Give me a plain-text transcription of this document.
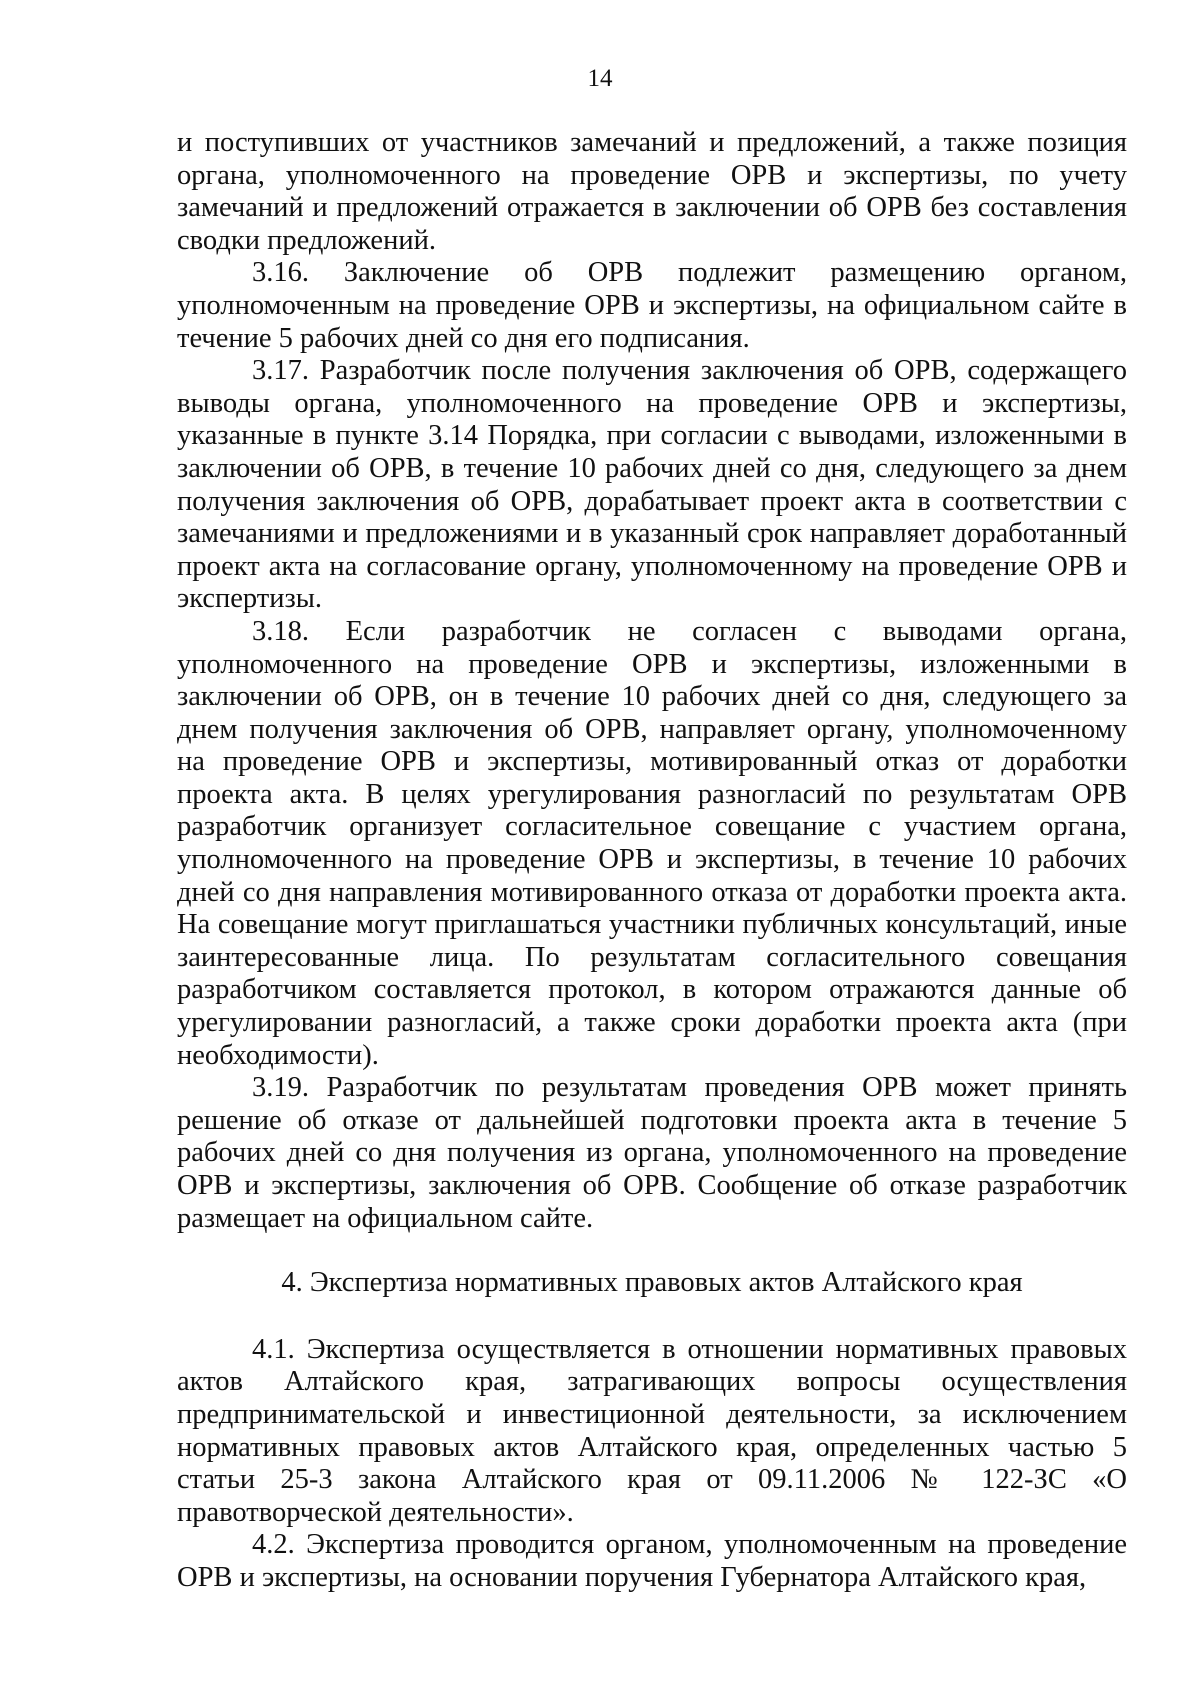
14

и поступивших от участников замечаний и предложений, а также позиция органа, уполномоченного на проведение ОРВ и экспертизы, по учету замечаний и предложений отражается в заключении об ОРВ без составления сводки предложений.

3.16. Заключение об ОРВ подлежит размещению органом, уполномоченным на проведение ОРВ и экспертизы, на официальном сайте в течение 5 рабочих дней со дня его подписания.

3.17. Разработчик после получения заключения об ОРВ, содержащего выводы органа, уполномоченного на проведение ОРВ и экспертизы, указанные в пункте 3.14 Порядка, при согласии с выводами, изложенными в заключении об ОРВ, в течение 10 рабочих дней со дня, следующего за днем получения заключения об ОРВ, дорабатывает проект акта в соответствии с замечаниями и предложениями и в указанный срок направляет доработанный проект акта на согласование органу, уполномоченному на проведение ОРВ и экспертизы.

3.18. Если разработчик не согласен с выводами органа, уполномоченного на проведение ОРВ и экспертизы, изложенными в заключении об ОРВ, он в течение 10 рабочих дней со дня, следующего за днем получения заключения об ОРВ, направляет органу, уполномоченному на проведение ОРВ и экспертизы, мотивированный отказ от доработки проекта акта. В целях урегулирования разногласий по результатам ОРВ разработчик организует согласительное совещание с участием органа, уполномоченного на проведение ОРВ и экспертизы, в течение 10 рабочих дней со дня направления мотивированного отказа от доработки проекта акта. На совещание могут приглашаться участники публичных консультаций, иные заинтересованные лица. По результатам согласительного совещания разработчиком составляется протокол, в котором отражаются данные об урегулировании разногласий, а также сроки доработки проекта акта (при необходимости).

3.19. Разработчик по результатам проведения ОРВ может принять решение об отказе от дальнейшей подготовки проекта акта в течение 5 рабочих дней со дня получения из органа, уполномоченного на проведение ОРВ и экспертизы, заключения об ОРВ. Сообщение об отказе разработчик размещает на официальном сайте.

4. Экспертиза нормативных правовых актов Алтайского края

4.1. Экспертиза осуществляется в отношении нормативных правовых актов Алтайского края, затрагивающих вопросы осуществления предпринимательской и инвестиционной деятельности, за исключением нормативных правовых актов Алтайского края, определенных частью 5 статьи 25-3 закона Алтайского края от 09.11.2006 № 122-ЗС «О правотворческой деятельности».

4.2. Экспертиза проводится органом, уполномоченным на проведение ОРВ и экспертизы, на основании поручения Губернатора Алтайского края,
